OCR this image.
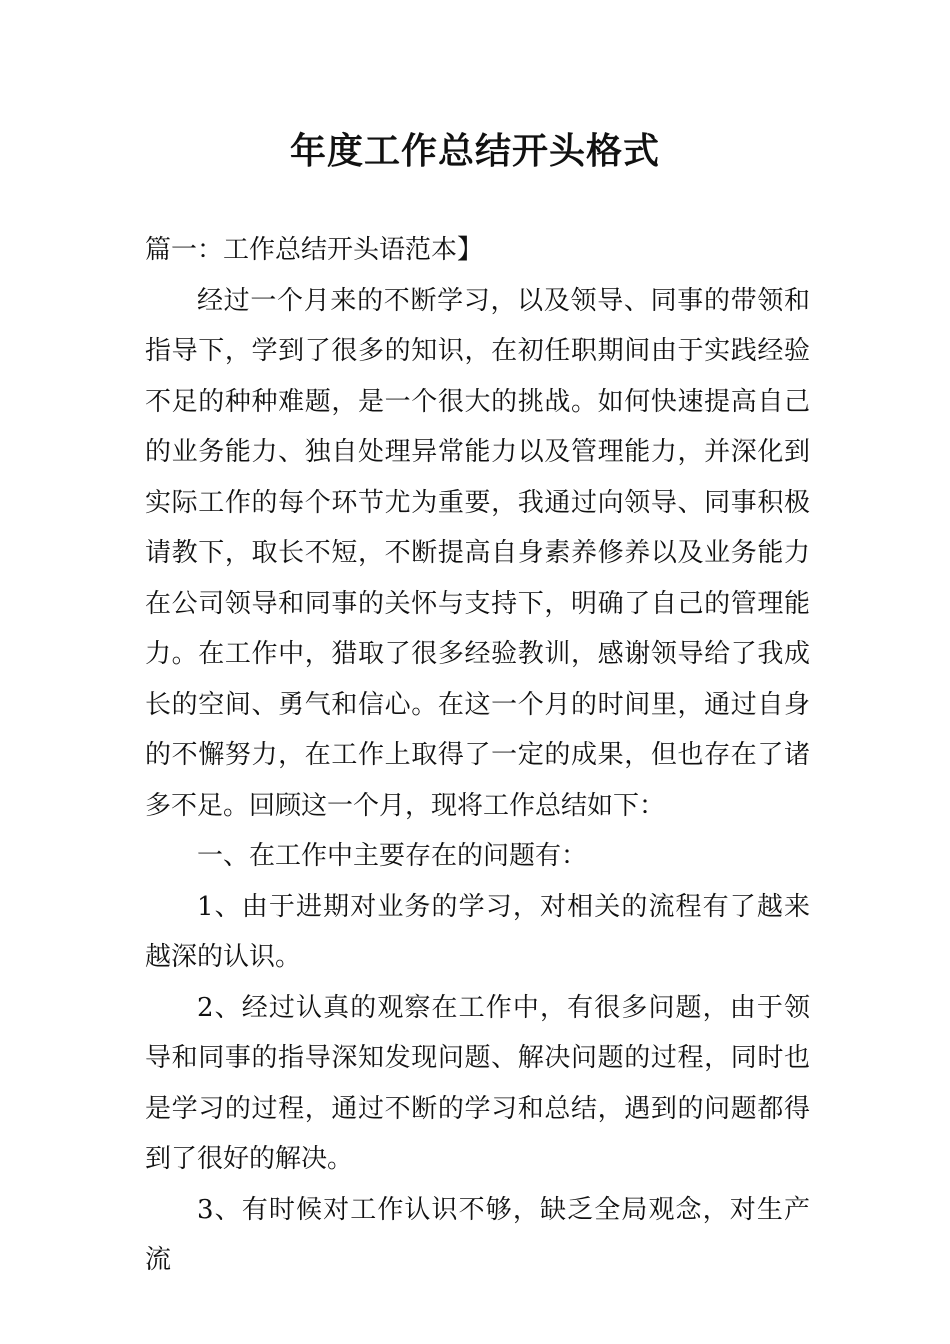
年度工作总结开头格式

篇一：工作总结开头语范本】

经过一个月来的不断学习，以及领导、同事的带领和指导下，学到了很多的知识，在初任职期间由于实践经验不足的种种难题，是一个很大的挑战。如何快速提高自己的业务能力、独自处理异常能力以及管理能力，并深化到实际工作的每个环节尤为重要，我通过向领导、同事积极请教下，取长不短，不断提高自身素养修养以及业务能力在公司领导和同事的关怀与支持下，明确了自己的管理能力。在工作中，猎取了很多经验教训，感谢领导给了我成长的空间、勇气和信心。在这一个月的时间里，通过自身的不懈努力，在工作上取得了一定的成果，但也存在了诸多不足。回顾这一个月，现将工作总结如下：

一、在工作中主要存在的问题有：

1、由于进期对业务的学习，对相关的流程有了越来越深的认识。

2、经过认真的观察在工作中，有很多问题，由于领导和同事的指导深知发现问题、解决问题的过程，同时也是学习的过程，通过不断的学习和总结，遇到的问题都得到了很好的解决。

3、有时候对工作认识不够，缺乏全局观念，对生产流
